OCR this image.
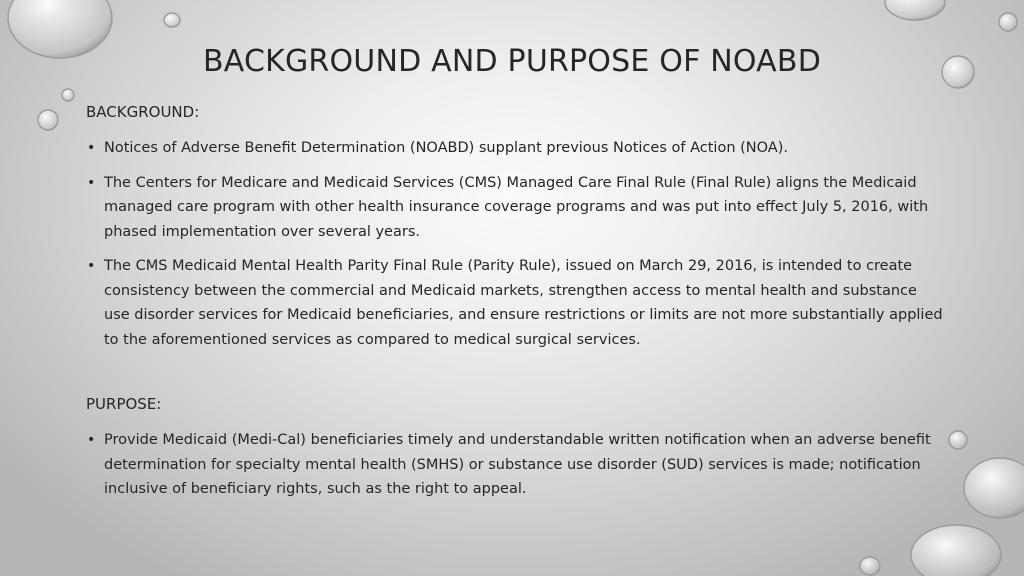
BACKGROUND AND PURPOSE OF NOABD
BACKGROUND:
• Notices of Adverse Benefit Determination (NOABD) supplant previous Notices of Action (NOA).
• The Centers for Medicare and Medicaid Services (CMS) Managed Care Final Rule (Final Rule) aligns the Medicaid managed care program with other health insurance coverage programs and was put into effect July 5, 2016, with phased implementation over several years.
• The CMS Medicaid Mental Health Parity Final Rule (Parity Rule), issued on March 29, 2016, is intended to create consistency between the commercial and Medicaid markets, strengthen access to mental health and substance use disorder services for Medicaid beneficiaries, and ensure restrictions or limits are not more substantially applied to the aforementioned services as compared to medical surgical services.
PURPOSE:
• Provide Medicaid (Medi-Cal) beneficiaries timely and understandable written notification when an adverse benefit determination for specialty mental health (SMHS) or substance use disorder (SUD) services is made; notification inclusive of beneficiary rights, such as the right to appeal.
